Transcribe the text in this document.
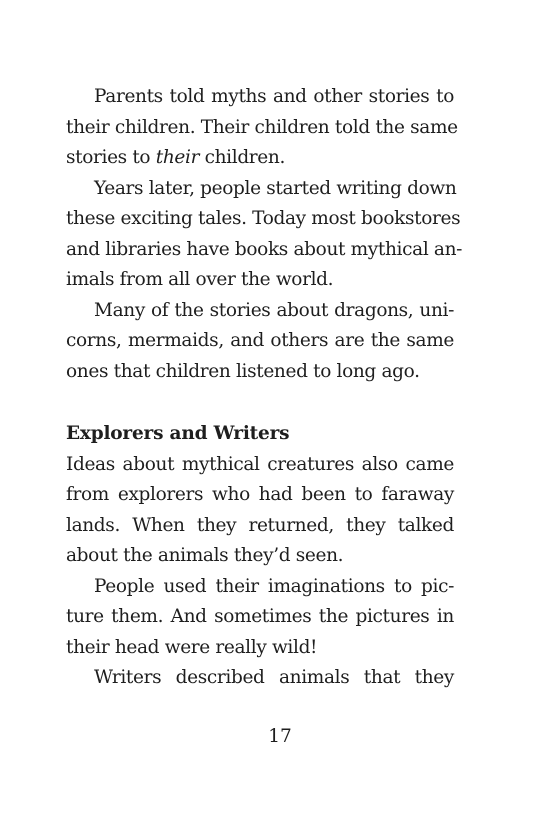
Parents told myths and other stories to
their children. Their children told the same
stories to their children.
Years later, people started writing down
these exciting tales. Today most bookstores
and libraries have books about mythical an-
imals from all over the world.
Many of the stories about dragons, uni-
corns, mermaids, and others are the same
ones that children listened to long ago.
Explorers and Writers
Ideas about mythical creatures also came
from explorers who had been to faraway
lands. When they returned, they talked
about the animals they’d seen.
People used their imaginations to pic-
ture them. And sometimes the pictures in
their head were really wild!
Writers described animals that they
17
